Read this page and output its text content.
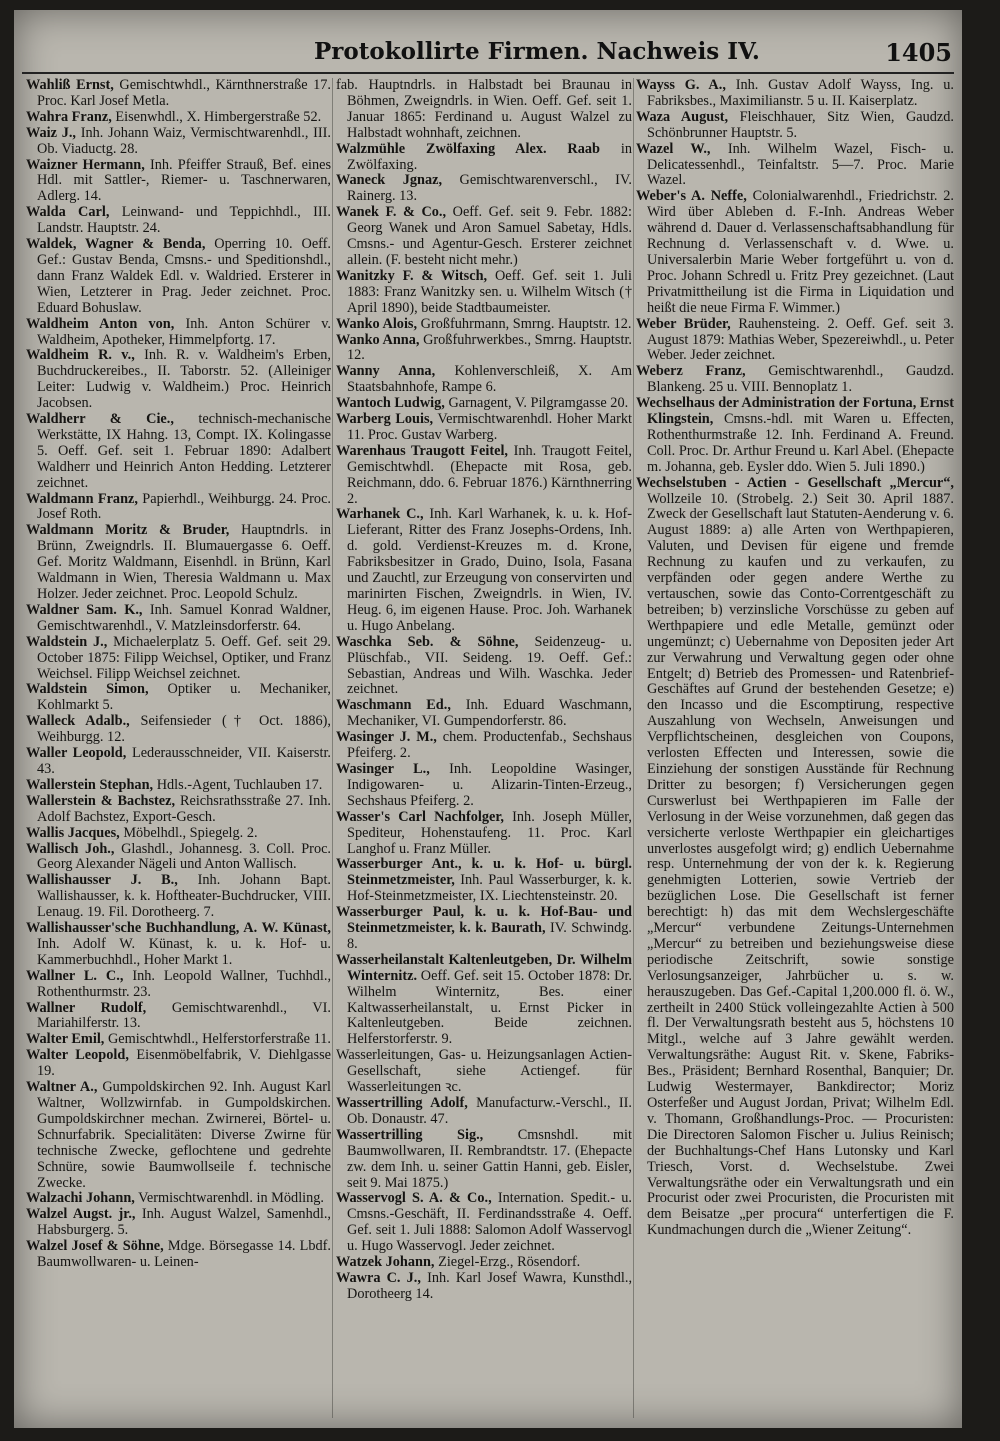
Protokollirte Firmen. Nachweis IV.	1405

Wahliß Ernst, Gemischtwhdl., Kärnthnerstraße 17. Proc. Karl Josef Metla.

Wahra Franz, Eisenwhdl., X. Himbergerstraße 52.

Waiz J., Inh. Johann Waiz, Vermischtwarenhdl., III. Ob. Viaductg. 28.

Waizner Hermann, Inh. Pfeiffer Strauß, Bef. eines Hdl. mit Sattler-, Riemer- u. Taschnerwaren, Adlerg. 14.

Walda Carl, Leinwand- und Teppichhdl., III. Landstr. Hauptstr. 24.

Waldek, Wagner & Benda, Operring 10. Oeff. Gef.: Gustav Benda, Cmsns.- und Speditionshdl., dann Franz Waldek Edl. v. Waldried. Ersterer in Wien, Letzterer in Prag. Jeder zeichnet. Proc. Eduard Bohuslaw.

Waldheim Anton von, Inh. Anton Schürer v. Waldheim, Apotheker, Himmelpfortg. 17.

Waldheim R. v., Inh. R. v. Waldheim's Erben, Buchdruckereibes., II. Taborstr. 52. (Alleiniger Leiter: Ludwig v. Waldheim.) Proc. Heinrich Jacobsen.

Waldherr & Cie., technisch-mechanische Werkstätte, IX Hahng. 13, Compt. IX. Kolingasse 5. Oeff. Gef. seit 1. Februar 1890: Adalbert Waldherr und Heinrich Anton Hedding. Letzterer zeichnet.

Waldmann Franz, Papierhdl., Weihburgg. 24. Proc. Josef Roth.

Waldmann Moritz & Bruder, Hauptndrls. in Brünn, Zweigndrls. II. Blumauergasse 6. Oeff. Gef. Moritz Waldmann, Eisenhdl. in Brünn, Karl Waldmann in Wien, Theresia Waldmann u. Max Holzer. Jeder zeichnet. Proc. Leopold Schulz.

Waldner Sam. K., Inh. Samuel Konrad Waldner, Gemischtwarenhdl., V. Matzleinsdorferstr. 64.

Waldstein J., Michaelerplatz 5. Oeff. Gef. seit 29. October 1875: Filipp Weichsel, Optiker, und Franz Weichsel. Filipp Weichsel zeichnet.

Waldstein Simon, Optiker u. Mechaniker, Kohlmarkt 5.

Walleck Adalb., Seifensieder († Oct. 1886), Weihburgg. 12.

Waller Leopold, Lederausschneider, VII. Kaiserstr. 43.

Wallerstein Stephan, Hdls.-Agent, Tuchlauben 17.

Wallerstein & Bachstez, Reichsrathsstraße 27. Inh. Adolf Bachstez, Export-Gesch.

Wallis Jacques, Möbelhdl., Spiegelg. 2.

Wallisch Joh., Glashdl., Johannesg. 3. Coll. Proc. Georg Alexander Nägeli und Anton Wallisch.

Wallishausser J. B., Inh. Johann Bapt. Wallishausser, k. k. Hoftheater-Buchdrucker, VIII. Lenaug. 19. Fil. Dorotheerg. 7.

Wallishausser'sche Buchhandlung, A. W. Künast, Inh. Adolf W. Künast, k. u. k. Hof- u. Kammerbuchhdl., Hoher Markt 1.

Wallner L. C., Inh. Leopold Wallner, Tuchhdl., Rothenthurmstr. 23.

Wallner Rudolf, Gemischtwarenhdl., VI. Mariahilferstr. 13.

Walter Emil, Gemischtwhdl., Helferstorferstraße 11.

Walter Leopold, Eisenmöbelfabrik, V. Diehlgasse 19.

Waltner A., Gumpoldskirchen 92. Inh. August Karl Waltner, Wollzwirnfab. in Gumpoldskirchen. Gumpoldskirchner mechan. Zwirnerei, Börtel- u. Schnurfabrik. Specialitäten: Diverse Zwirne für technische Zwecke, geflochtene und gedrehte Schnüre, sowie Baumwollseile f. technische Zwecke.

Walzachi Johann, Vermischtwarenhdl. in Mödling.

Walzel Augst. jr., Inh. August Walzel, Samenhdl., Habsburgerg. 5.

Walzel Josef & Söhne, Mdge. Börsegasse 14. Lbdf. Baumwollwaren- u. Leinen-

fab. Hauptndrls. in Halbstadt bei Braunau in Böhmen, Zweigndrls. in Wien. Oeff. Gef. seit 1. Januar 1865: Ferdinand u. August Walzel zu Halbstadt wohnhaft, zeichnen.

Walzmühle Zwölfaxing Alex. Raab in Zwölfaxing.

Waneck Jgnaz, Gemischtwarenverschl., IV. Rainerg. 13.

Wanek F. & Co., Oeff. Gef. seit 9. Febr. 1882: Georg Wanek und Aron Samuel Sabetay, Hdls. Cmsns.- und Agentur-Gesch. Ersterer zeichnet allein. (F. besteht nicht mehr.)

Wanitzky F. & Witsch, Oeff. Gef. seit 1. Juli 1883: Franz Wanitzky sen. u. Wilhelm Witsch († April 1890), beide Stadtbaumeister.

Wanko Alois, Großfuhrmann, Smrng. Hauptstr. 12.

Wanko Anna, Großfuhrwerkbes., Smrng. Hauptstr. 12.

Wanny Anna, Kohlenverschleiß, X. Am Staatsbahnhofe, Rampe 6.

Wantoch Ludwig, Garnagent, V. Pilgramgasse 20.

Warberg Louis, Vermischtwarenhdl. Hoher Markt 11. Proc. Gustav Warberg.

Warenhaus Traugott Feitel, Inh. Traugott Feitel, Gemischtwhdl. (Ehepacte mit Rosa, geb. Reichmann, ddo. 6. Februar 1876.) Kärnthnerring 2.

Warhanek C., Inh. Karl Warhanek, k. u. k. Hof-Lieferant, Ritter des Franz Josephs-Ordens, Inh. d. gold. Verdienst-Kreuzes m. d. Krone, Fabriksbesitzer in Grado, Duino, Isola, Fasana und Zauchtl, zur Erzeugung von conservirten und marinirten Fischen, Zweigndrls. in Wien, IV. Heug. 6, im eigenen Hause. Proc. Joh. Warhanek u. Hugo Anbelang.

Waschka Seb. & Söhne, Seidenzeug- u. Plüschfab., VII. Seideng. 19. Oeff. Gef.: Sebastian, Andreas und Wilh. Waschka. Jeder zeichnet.

Waschmann Ed., Inh. Eduard Waschmann, Mechaniker, VI. Gumpendorferstr. 86.

Wasinger J. M., chem. Productenfab., Sechshaus Pfeiferg. 2.

Wasinger L., Inh. Leopoldine Wasinger, Indigowaren- u. Alizarin-Tinten-Erzeug., Sechshaus Pfeiferg. 2.

Wasser's Carl Nachfolger, Inh. Joseph Müller, Spediteur, Hohenstaufeng. 11. Proc. Karl Langhof u. Franz Müller.

Wasserburger Ant., k. u. k. Hof- u. bürgl. Steinmetzmeister, Inh. Paul Wasserburger, k. k. Hof-Steinmetzmeister, IX. Liechtensteinstr. 20.

Wasserburger Paul, k. u. k. Hof-Bau- und Steinmetzmeister, k. k. Baurath, IV. Schwindg. 8.

Wasserheilanstalt Kaltenleutgeben, Dr. Wilhelm Winternitz. Oeff. Gef. seit 15. October 1878: Dr. Wilhelm Winternitz, Bes. einer Kaltwasserheilanstalt, u. Ernst Picker in Kaltenleutgeben. Beide zeichnen. Helferstorferstr. 9.

Wasserleitungen, Gas- u. Heizungsanlagen Actien-Gesellschaft, siehe Actiengef. für Wasserleitungen ꝛc.

Wassertrilling Adolf, Manufacturw.-Verschl., II. Ob. Donaustr. 47.

Wassertrilling Sig., Cmsnshdl. mit Baumwollwaren, II. Rembrandtstr. 17. (Ehepacte zw. dem Inh. u. seiner Gattin Hanni, geb. Eisler, seit 9. Mai 1875.)

Wasservogl S. A. & Co., Internation. Spedit.- u. Cmsns.-Geschäft, II. Ferdinandsstraße 4. Oeff. Gef. seit 1. Juli 1888: Salomon Adolf Wasservogl u. Hugo Wasservogl. Jeder zeichnet.

Watzek Johann, Ziegel-Erzg., Rösendorf.

Wawra C. J., Inh. Karl Josef Wawra, Kunsthdl., Dorotheerg 14.

Wayss G. A., Inh. Gustav Adolf Wayss, Ing. u. Fabriksbes., Maximilianstr. 5 u. II. Kaiserplatz.

Waza August, Fleischhauer, Sitz Wien, Gaudzd. Schönbrunner Hauptstr. 5.

Wazel W., Inh. Wilhelm Wazel, Fisch- u. Delicatessenhdl., Teinfaltstr. 5—7. Proc. Marie Wazel.

Weber's A. Neffe, Colonialwarenhdl., Friedrichstr. 2. Wird über Ableben d. F.-Inh. Andreas Weber während d. Dauer d. Verlassenschaftsabhandlung für Rechnung d. Verlassenschaft v. d. Wwe. u. Universalerbin Marie Weber fortgeführt u. von d. Proc. Johann Schredl u. Fritz Prey gezeichnet. (Laut Privatmittheilung ist die Firma in Liquidation und heißt die neue Firma F. Wimmer.)

Weber Brüder, Rauhensteing. 2. Oeff. Gef. seit 3. August 1879: Mathias Weber, Spezereiwhdl., u. Peter Weber. Jeder zeichnet.

Weberz Franz, Gemischtwarenhdl., Gaudzd. Blankeng. 25 u. VIII. Bennoplatz 1.

Wechselhaus der Administration der Fortuna, Ernst Klingstein, Cmsns.-hdl. mit Waren u. Effecten, Rothenthurmstraße 12. Inh. Ferdinand A. Freund. Coll. Proc. Dr. Arthur Freund u. Karl Abel. (Ehepacte m. Johanna, geb. Eysler ddo. Wien 5. Juli 1890.)

Wechselstuben - Actien - Gesellschaft „Mercur“, Wollzeile 10. (Strobelg. 2.) Seit 30. April 1887. Zweck der Gesellschaft laut Statuten-Aenderung v. 6. August 1889: a) alle Arten von Werthpapieren, Valuten, und Devisen für eigene und fremde Rechnung zu kaufen und zu verkaufen, zu verpfänden oder gegen andere Werthe zu vertauschen, sowie das Conto-Correntgeschäft zu betreiben; b) verzinsliche Vorschüsse zu geben auf Werthpapiere und edle Metalle, gemünzt oder ungemünzt; c) Uebernahme von Depositen jeder Art zur Verwahrung und Verwaltung gegen oder ohne Entgelt; d) Betrieb des Promessen- und Ratenbrief-Geschäftes auf Grund der bestehenden Gesetze; e) den Incasso und die Escomptirung, respective Auszahlung von Wechseln, Anweisungen und Verpflichtscheinen, desgleichen von Coupons, verlosten Effecten und Interessen, sowie die Einziehung der sonstigen Ausstände für Rechnung Dritter zu besorgen; f) Versicherungen gegen Curswerlust bei Werthpapieren im Falle der Verlosung in der Weise vorzunehmen, daß gegen das versicherte verloste Werthpapier ein gleichartiges unverlostes ausgefolgt wird; g) endlich Uebernahme resp. Unternehmung der von der k. k. Regierung genehmigten Lotterien, sowie Vertrieb der bezüglichen Lose. Die Gesellschaft ist ferner berechtigt: h) das mit dem Wechslergeschäfte „Mercur“ verbundene Zeitungs-Unternehmen „Mercur“ zu betreiben und beziehungsweise diese periodische Zeitschrift, sowie sonstige Verlosungsanzeiger, Jahrbücher u. s. w. herauszugeben. Das Gef.-Capital 1,200.000 fl. ö. W., zertheilt in 2400 Stück volleingezahlte Actien à 500 fl. Der Verwaltungsrath besteht aus 5, höchstens 10 Mitgl., welche auf 3 Jahre gewählt werden. Verwaltungsräthe: August Rit. v. Skene, Fabriks-Bes., Präsident; Bernhard Rosenthal, Banquier; Dr. Ludwig Westermayer, Bankdirector; Moriz Osterfeßer und August Jordan, Privat; Wilhelm Edl. v. Thomann, Großhandlungs-Proc. — Procuristen: Die Directoren Salomon Fischer u. Julius Reinisch; der Buchhaltungs-Chef Hans Lutonsky und Karl Triesch, Vorst. d. Wechselstube. Zwei Verwaltungsräthe oder ein Verwaltungsrath und ein Procurist oder zwei Procuristen, die Procuristen mit dem Beisatze „per procura“ unterfertigen die F. Kundmachungen durch die „Wiener Zeitung“.
